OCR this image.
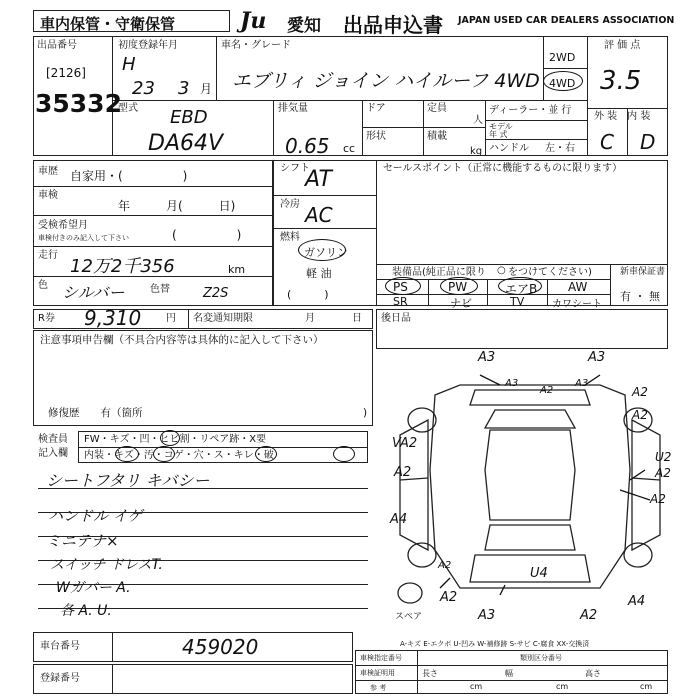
車内保管・守衛保管	Ju 愛知 出品申込書 JAPAN USED CAR DEALERS ASSOCIATION
出品番号
[2126]
35332
初度登録年月
H
23 3 月
車名・グレード
エブリィ ジョイン ハイルーフ 4WD
2WD
4WD
評 価 点
3.5
型式 EBD
DA64V
排気量
0.65 cc
ドア	定員
人
形状	積載
kg
ディーラー・並 行
モデル
年 式
ハンドル 左・右
外 装　内 装
C D
車歴 自家用・(　　　　　)
車検
年　　　月(　　　日)
受検希望月
車検付きのみ記入して下さい	(　　　　　)
走行
12万2千356	km
色 シルバー	色替	Z2S
シフト
AT
冷房 AC
燃料
ガソリン
軽 油
(　　　)
セールスポイント（正常に機能するものに限ります）
装備品(純正品に限り ○ をつけてください)
PS	PW	エアB	AW
SR	ナビ	TV	カワシート
新車保証書
有 ・ 無
R券 9,310 円 名変通知期限	月	日 後日品
注意事項申告欄（不具合内容等は具体的に記入して下さい）
修復歴　　有（箇所	)
検査員
記入欄
FW・キズ・凹・ヒビ割・リペア跡・X要
内装・キズ・汚・コゲ・穴・ス・キレ・破
シートフタリ キバシー
ハンドル イゲ
ミニテナ×
スイッチ ドレスT.
Wガバー A.
各 A. U.
A3	A3
A2
A2
A3	A3
A2
VA2
A2
U2
A2
A2
A4
A2
U4
A2
A3	A2
A4
スペア
A-キズ E-エクボ U-凹み W-補修跡 S-サビ C-腐食 XX-交換済
車台番号	459020
登録番号
車検指定番号	類別区分番号
車検証明用
参 考
長さ
cm
幅
cm
高さ
cm
